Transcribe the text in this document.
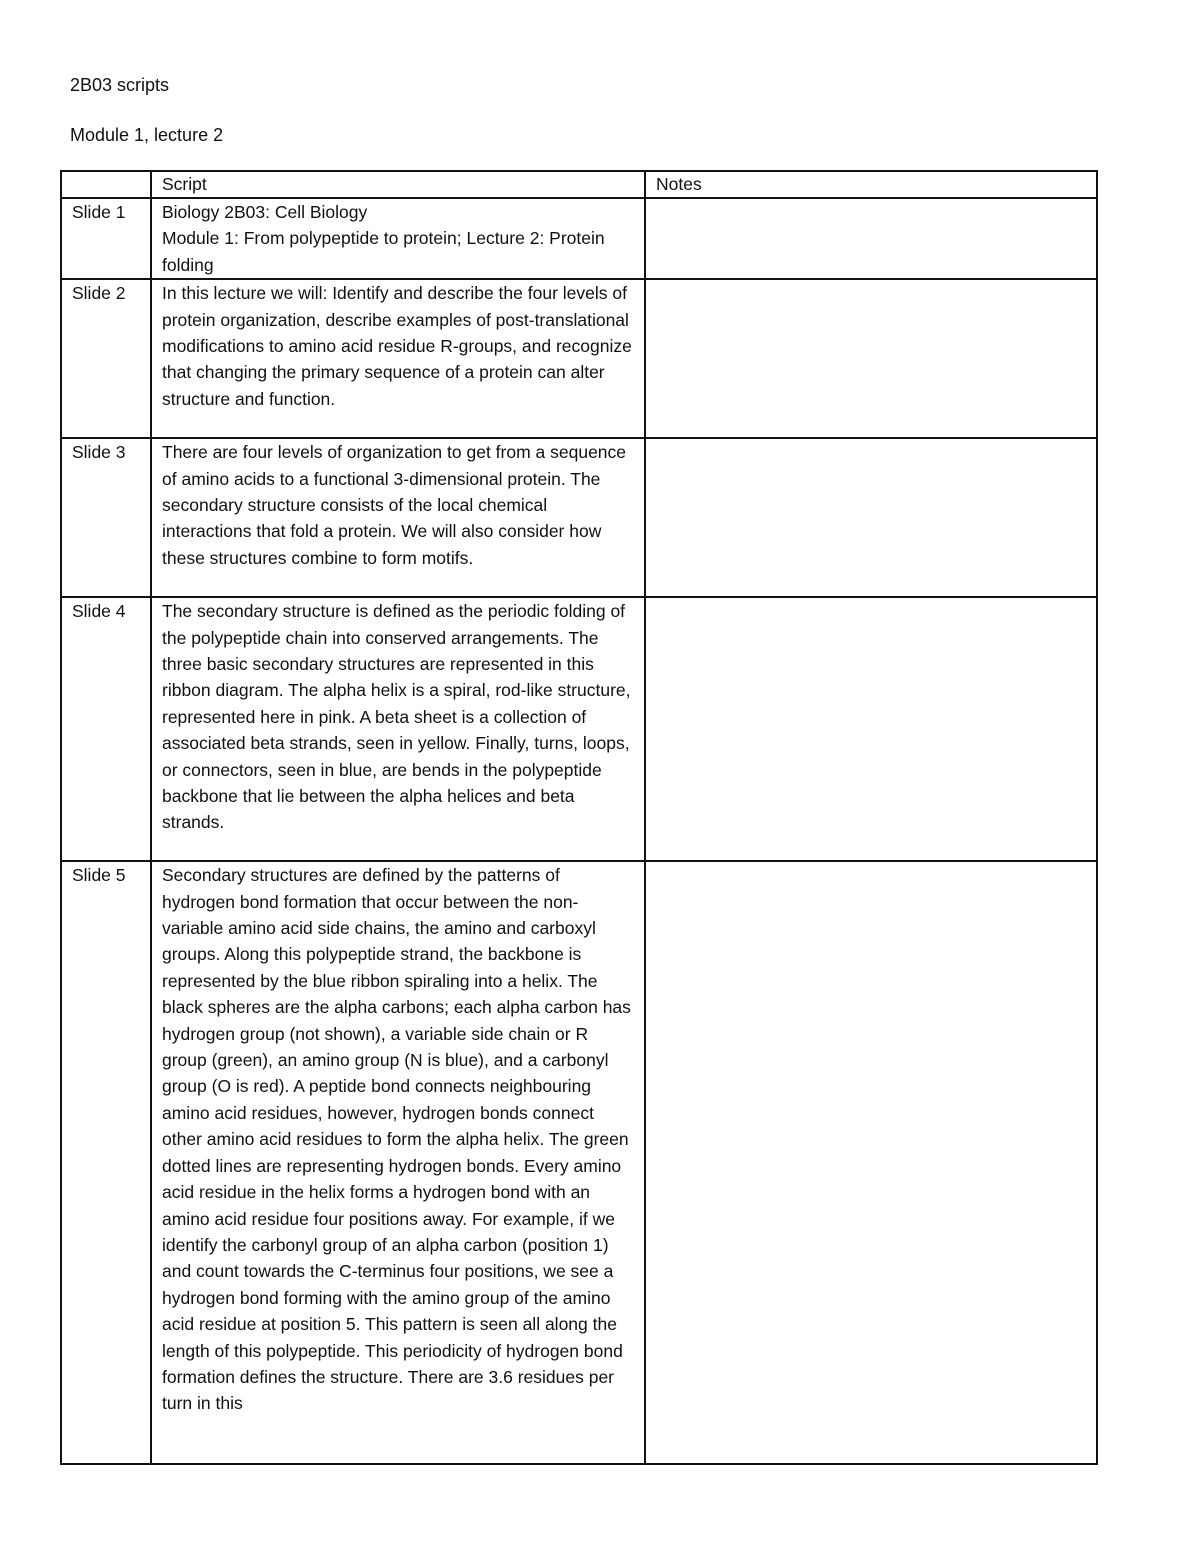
2B03 scripts
Module 1, lecture 2
	Script	Notes
Slide 1	Biology 2B03: Cell Biology
Module 1: From polypeptide to protein; Lecture 2: Protein folding	

Slide 2	In this lecture we will: Identify and describe the four levels of protein organization, describe examples of post-translational modifications to amino acid residue R-groups, and recognize that changing the primary sequence of a protein can alter structure and function.	
Slide 3	There are four levels of organization to get from a sequence of amino acids to a functional 3-dimensional protein. The secondary structure consists of the local chemical interactions that fold a protein. We will also consider how these structures combine to form motifs.	
Slide 4	The secondary structure is defined as the periodic folding of the polypeptide chain into conserved arrangements. The three basic secondary structures are represented in this ribbon diagram. The alpha helix is a spiral, rod-like structure, represented here in pink. A beta sheet is a collection of associated beta strands, seen in yellow. Finally, turns, loops, or connectors, seen in blue, are bends in the polypeptide backbone that lie between the alpha helices and beta strands.	
Slide 5	Secondary structures are defined by the patterns of hydrogen bond formation that occur between the non-variable amino acid side chains, the amino and carboxyl groups. Along this polypeptide strand, the backbone is represented by the blue ribbon spiraling into a helix. The black spheres are the alpha carbons; each alpha carbon has hydrogen group (not shown), a variable side chain or R group (green), an amino group (N is blue), and a carbonyl group (O is red). A peptide bond connects neighbouring amino acid residues, however, hydrogen bonds connect other amino acid residues to form the alpha helix. The green dotted lines are representing hydrogen bonds. Every amino acid residue in the helix forms a hydrogen bond with an amino acid residue four positions away. For example, if we identify the carbonyl group of an alpha carbon (position 1) and count towards the C-terminus four positions, we see a hydrogen bond forming with the amino group of the amino acid residue at position 5. This pattern is seen all along the length of this polypeptide. This periodicity of hydrogen bond formation defines the structure. There are 3.6 residues per turn in this	
